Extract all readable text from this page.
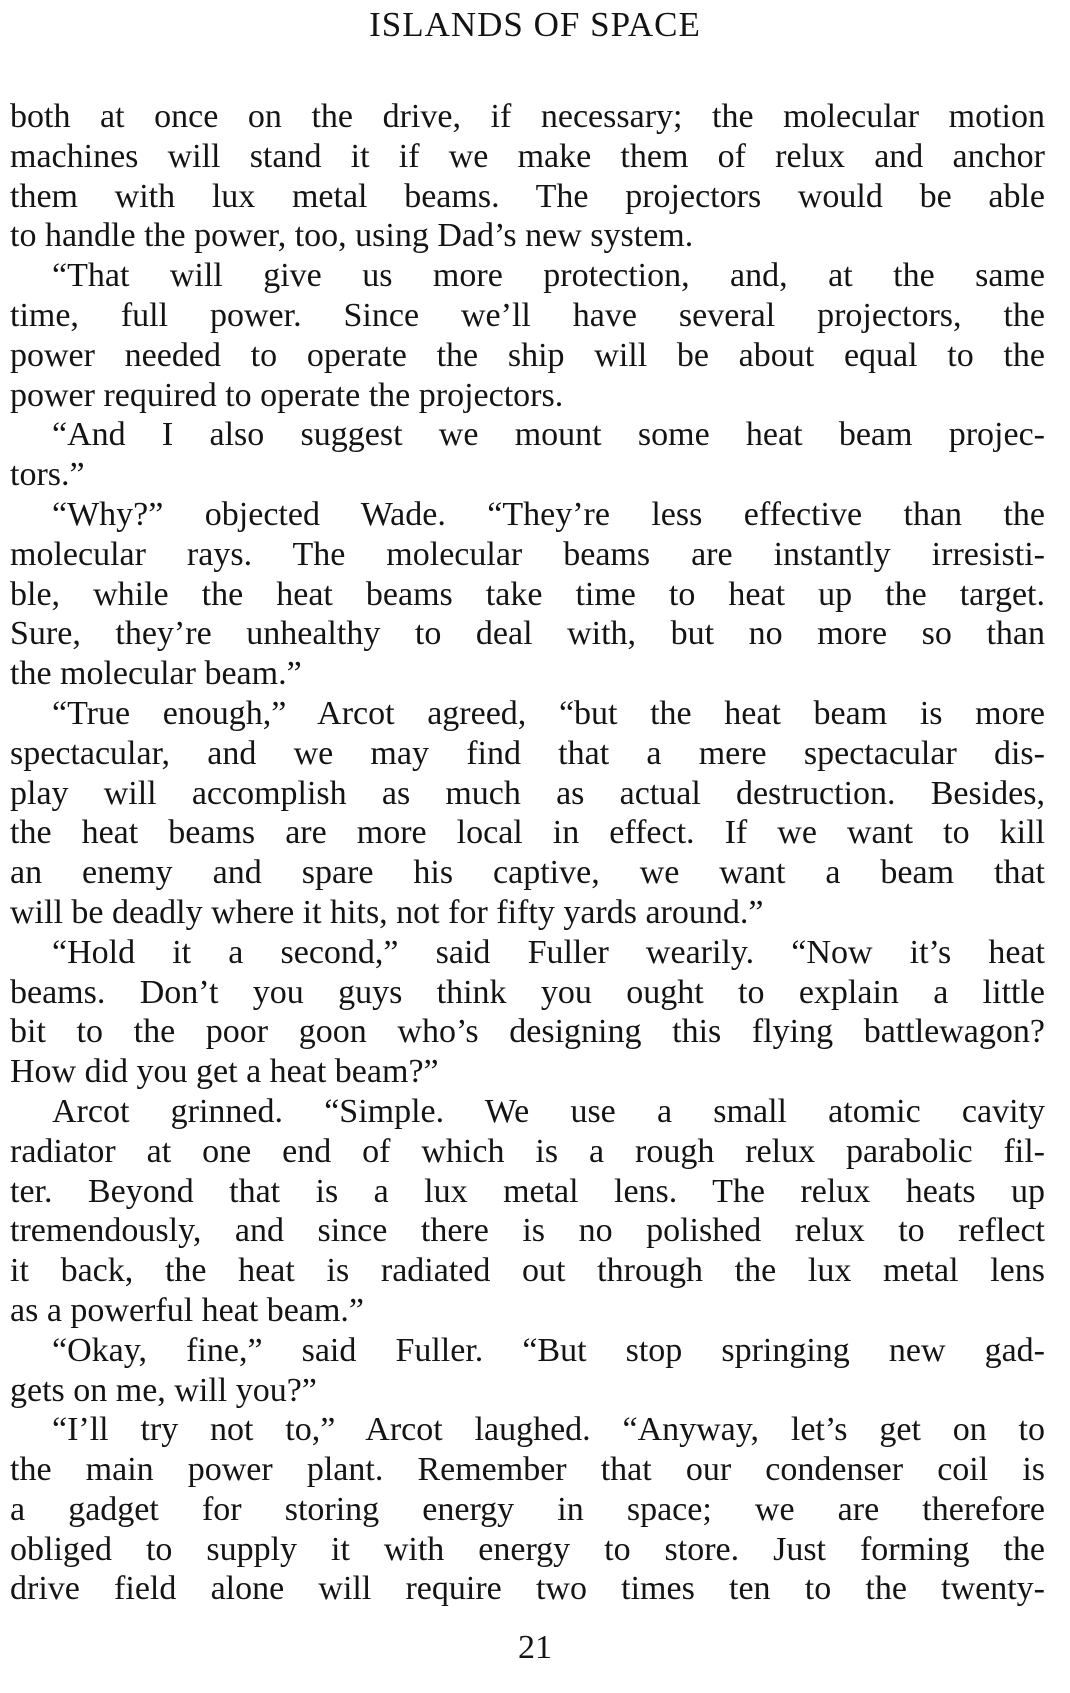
ISLANDS OF SPACE
both at once on the drive, if necessary; the molecular motion
machines will stand it if we make them of relux and anchor
them with lux metal beams. The projectors would be able
to handle the power, too, using Dad’s new system.
“That will give us more protection, and, at the same
time, full power. Since we’ll have several projectors, the
power needed to operate the ship will be about equal to the
power required to operate the projectors.
“And I also suggest we mount some heat beam projec-
tors.”
“Why?” objected Wade. “They’re less effective than the
molecular rays. The molecular beams are instantly irresisti-
ble, while the heat beams take time to heat up the target.
Sure, they’re unhealthy to deal with, but no more so than
the molecular beam.”
“True enough,” Arcot agreed, “but the heat beam is more
spectacular, and we may find that a mere spectacular dis-
play will accomplish as much as actual destruction. Besides,
the heat beams are more local in effect. If we want to kill
an enemy and spare his captive, we want a beam that
will be deadly where it hits, not for fifty yards around.”
“Hold it a second,” said Fuller wearily. “Now it’s heat
beams. Don’t you guys think you ought to explain a little
bit to the poor goon who’s designing this flying battlewagon?
How did you get a heat beam?”
Arcot grinned. “Simple. We use a small atomic cavity
radiator at one end of which is a rough relux parabolic fil-
ter. Beyond that is a lux metal lens. The relux heats up
tremendously, and since there is no polished relux to reflect
it back, the heat is radiated out through the lux metal lens
as a powerful heat beam.”
“Okay, fine,” said Fuller. “But stop springing new gad-
gets on me, will you?”
“I’ll try not to,” Arcot laughed. “Anyway, let’s get on to
the main power plant. Remember that our condenser coil is
a gadget for storing energy in space; we are therefore
obliged to supply it with energy to store. Just forming the
drive field alone will require two times ten to the twenty-
21
